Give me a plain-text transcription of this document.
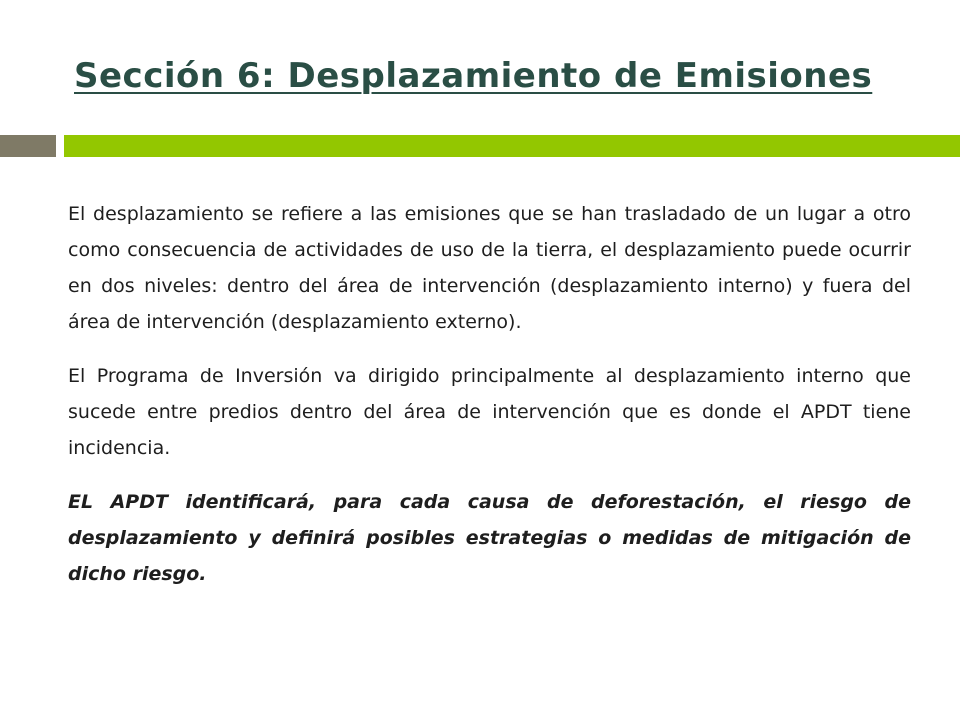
Sección 6: Desplazamiento de Emisiones

El desplazamiento se refiere a las emisiones que se han trasladado de un lugar a otro como consecuencia de actividades de uso de la tierra, el desplazamiento puede ocurrir en dos niveles: dentro del área de intervención (desplazamiento interno) y fuera del área de intervención (desplazamiento externo).

El Programa de Inversión va dirigido principalmente al desplazamiento interno que sucede entre predios dentro del área de intervención que es donde el APDT tiene incidencia.

EL APDT identificará, para cada causa de deforestación, el riesgo de desplazamiento y definirá posibles estrategias o medidas de mitigación de dicho riesgo.
